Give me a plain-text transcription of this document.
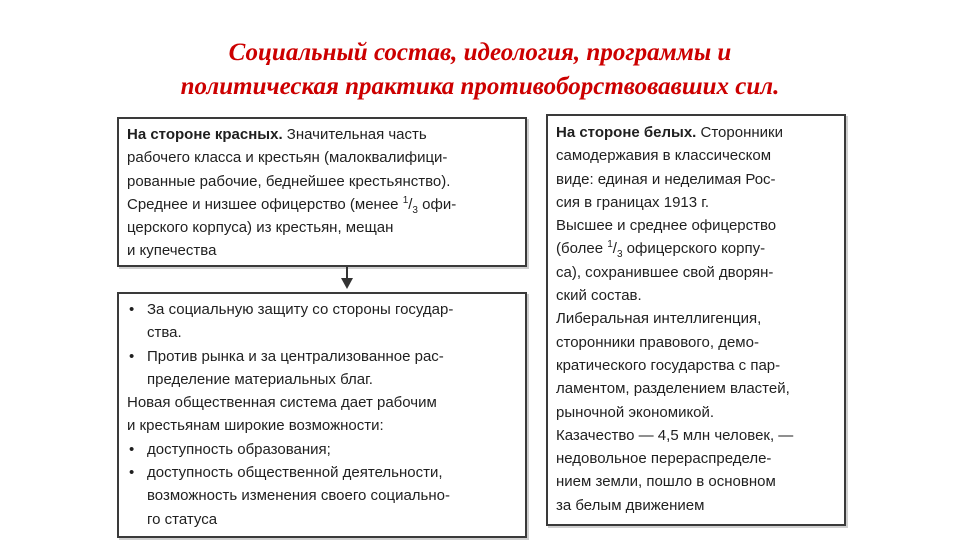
Социальный состав, идеология, программы и
политическая практика противоборствовавших сил.

На стороне красных. Значительная часть

рабочего класса и крестьян (малоквалифици-

рованные рабочие, беднейшее крестьянство).

Среднее и низшее офицерство (менее $^1/_3$ офи-

церского корпуса) из крестьян, мещан

и купечества

• За социальную защиту со стороны государ-
ства.
• Против рынка и за централизованное рас-
пределение материальных благ.

Новая общественная система дает рабочим

и крестьянам широкие возможности:

• доступность образования;
• доступность общественной деятельности,
возможность изменения своего социально-
го статуса

На стороне белых. Сторонники

самодержавия в классическом

виде: единая и неделимая Рос-

сия в границах 1913 г.

Высшее и среднее офицерство

(более $^1/_3$ офицерского корпу-

са), сохранившее свой дворян-

ский состав.

Либеральная интеллигенция,

сторонники правового, демо-

кратического государства с пар-

ламентом, разделением властей,

рыночной экономикой.

Казачество — 4,5 млн человек, —

недовольное перераспределе-

нием земли, пошло в основном

за белым движением
